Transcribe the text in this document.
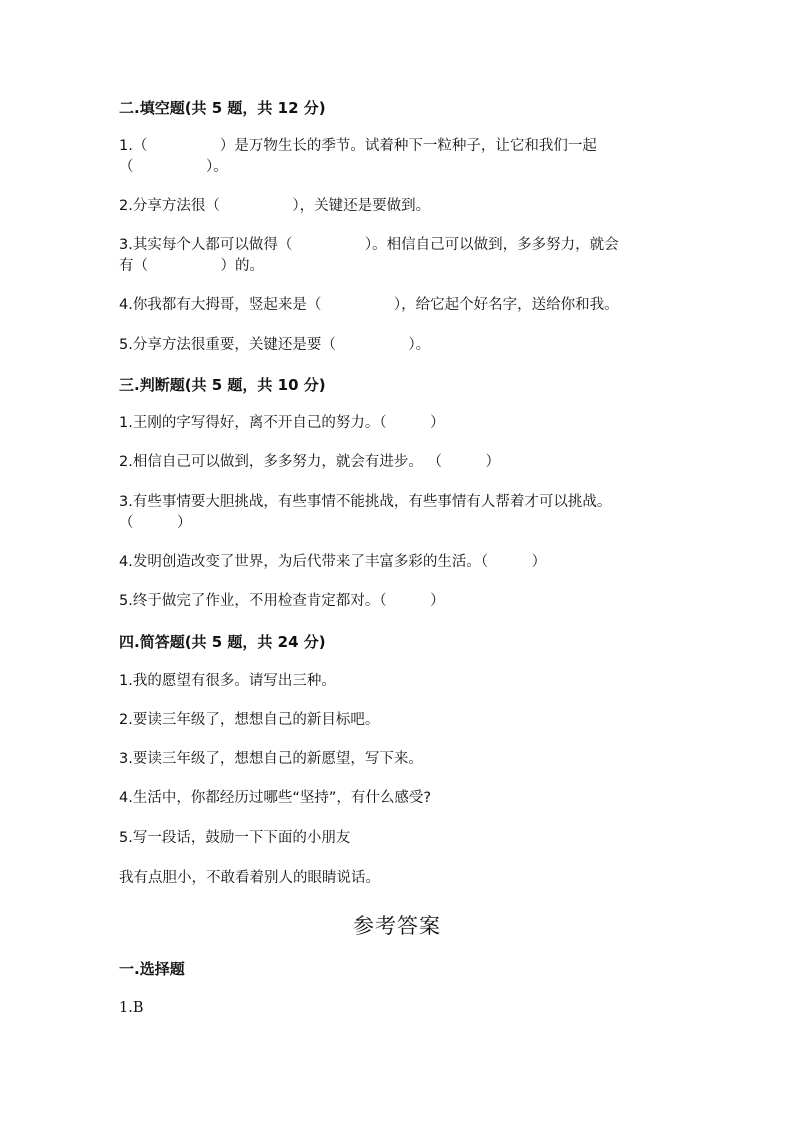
二.填空题(共 5 题，共 12 分)

1.（　　　　　）是万物生长的季节。试着种下一粒种子，让它和我们一起

（　　　　　）。

2.分享方法很（　　　　　），关键还是要做到。

3.其实每个人都可以做得（　　　　　）。相信自己可以做到，多多努力，就会

有（　　　　　）的。

4.你我都有大拇哥，竖起来是（　　　　　），给它起个好名字，送给你和我。

5.分享方法很重要，关键还是要（　　　　　）。

三.判断题(共 5 题，共 10 分)

1.王刚的字写得好，离不开自己的努力。（　　　）

2.相信自己可以做到，多多努力，就会有进步。 （　　　）

3.有些事情要大胆挑战，有些事情不能挑战，有些事情有人帮着才可以挑战。

（　　　）

4.发明创造改变了世界，为后代带来了丰富多彩的生活。（　　　）

5.终于做完了作业，不用检查肯定都对。（　　　）

四.简答题(共 5 题，共 24 分)

1.我的愿望有很多。请写出三种。

2.要读三年级了，想想自己的新目标吧。

3.要读三年级了，想想自己的新愿望，写下来。

4.生活中，你都经历过哪些“坚持”，有什么感受?

5.写一段话，鼓励一下下面的小朋友

我有点胆小，不敢看着别人的眼睛说话。

参考答案
一.选择题

1.B
